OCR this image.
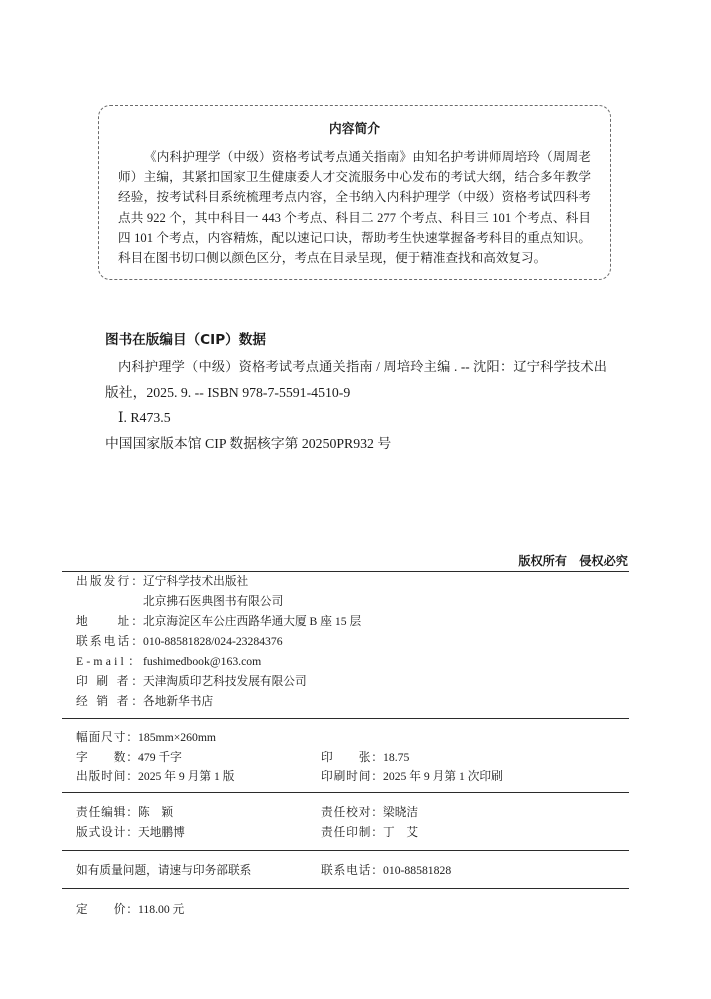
内容简介
《内科护理学（中级）资格考试考点通关指南》由知名护考讲师周培玲（周周老
师）主编，其紧扣国家卫生健康委人才交流服务中心发布的考试大纲，结合多年教学
经验，按考试科目系统梳理考点内容，全书纳入内科护理学（中级）资格考试四科考
点共 922 个，其中科目一 443 个考点、科目二 277 个考点、科目三 101 个考点、科目
四 101 个考点，内容精炼，配以速记口诀，帮助考生快速掌握备考科目的重点知识。
科目在图书切口侧以颜色区分，考点在目录呈现，便于精准查找和高效复习。
图书在版编目（CIP）数据
内科护理学（中级）资格考试考点通关指南 / 周培玲主编 . -- 沈阳：辽宁科学技术出
版社，2025. 9. -- ISBN 978-7-5591-4510-9
Ⅰ. R473.5
中国国家版本馆 CIP 数据核字第 20250PR932 号
版权所有　侵权必究
出版发行： 辽宁科学技术出版社
北京拂石医典图书有限公司
地　　址： 北京海淀区车公庄西路华通大厦 B 座 15 层
联系电话： 010-88581828/024-23284376
E-mail： fushimedbook@163.com
印 刷 者： 天津淘质印艺科技发展有限公司
经 销 者： 各地新华书店
幅面尺寸： 185mm×260mm
字　　数： 479 千字	印　　张： 18.75
出版时间： 2025 年 9 月第 1 版	印刷时间： 2025 年 9 月第 1 次印刷
责任编辑： 陈　颖	责任校对： 梁晓洁
版式设计： 天地鹏博	责任印制： 丁　艾
如有质量问题，请速与印务部联系	联系电话： 010-88581828
定　　价： 118.00 元
